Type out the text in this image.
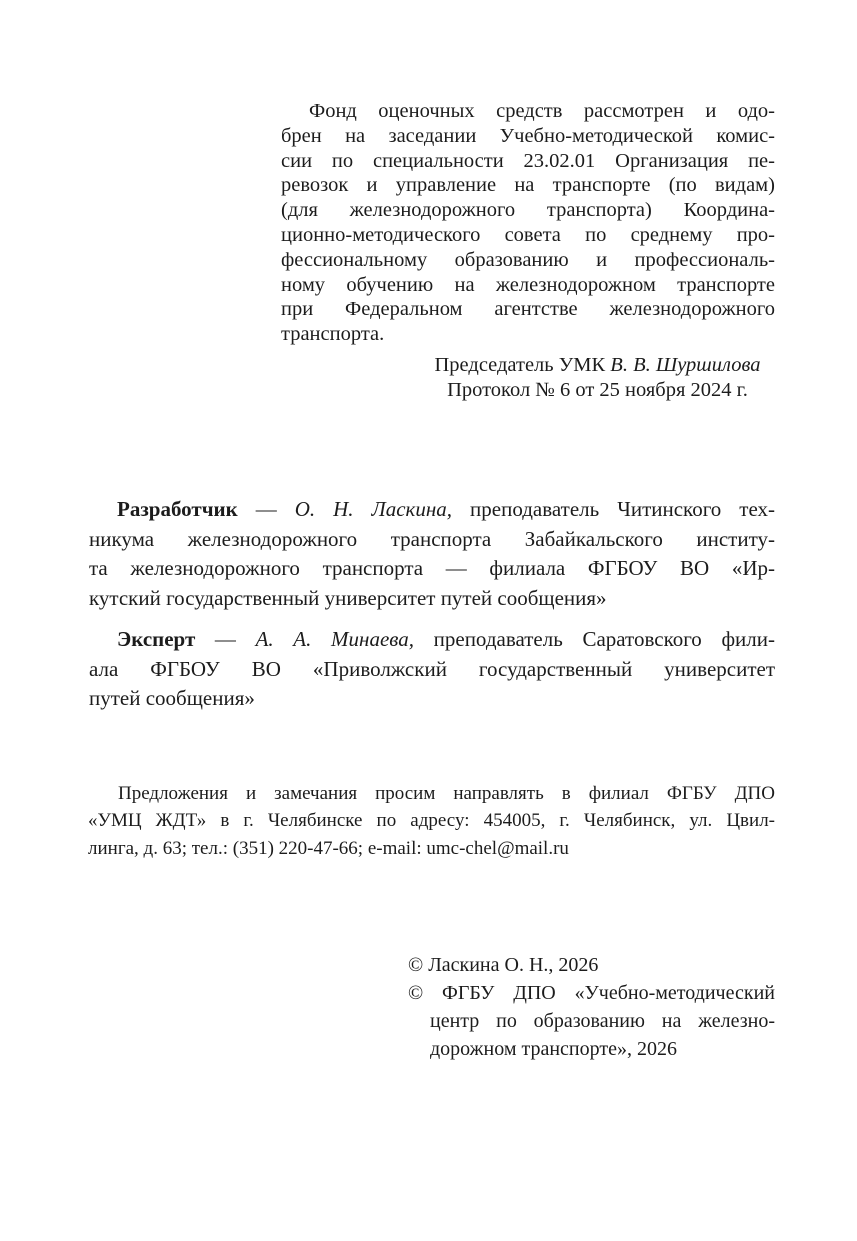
Фонд оценочных средств рассмотрен и одо-
брен на заседании Учебно-методической комис-
сии по специальности 23.02.01 Организация пе-
ревозок и управление на транспорте (по видам)
(для железнодорожного транспорта) Координа-
ционно-методического совета по среднему про-
фессиональному образованию и профессиональ-
ному обучению на железнодорожном транспорте
при Федеральном агентстве железнодорожного
транспорта.
Председатель УМК В. В. Шуршилова
Протокол № 6 от 25 ноября 2024 г.
Разработчик — О. Н. Ласкина, преподаватель Читинского тех-
никума железнодорожного транспорта Забайкальского институ-
та железнодорожного транспорта — филиала ФГБОУ ВО «Ир-
кутский государственный университет путей сообщения»
Эксперт — А. А. Минаева, преподаватель Саратовского фили-
ала ФГБОУ ВО «Приволжский государственный университет
путей сообщения»
Предложения и замечания просим направлять в филиал ФГБУ ДПО
«УМЦ ЖДТ» в г. Челябинске по адресу: 454005, г. Челябинск, ул. Цвил-
линга, д. 63; тел.: (351) 220-47-66; e-mail: umc-chel@mail.ru
© Ласкина О. Н., 2026
© ФГБУ ДПО «Учебно-методический
центр по образованию на железно-
дорожном транспорте», 2026
